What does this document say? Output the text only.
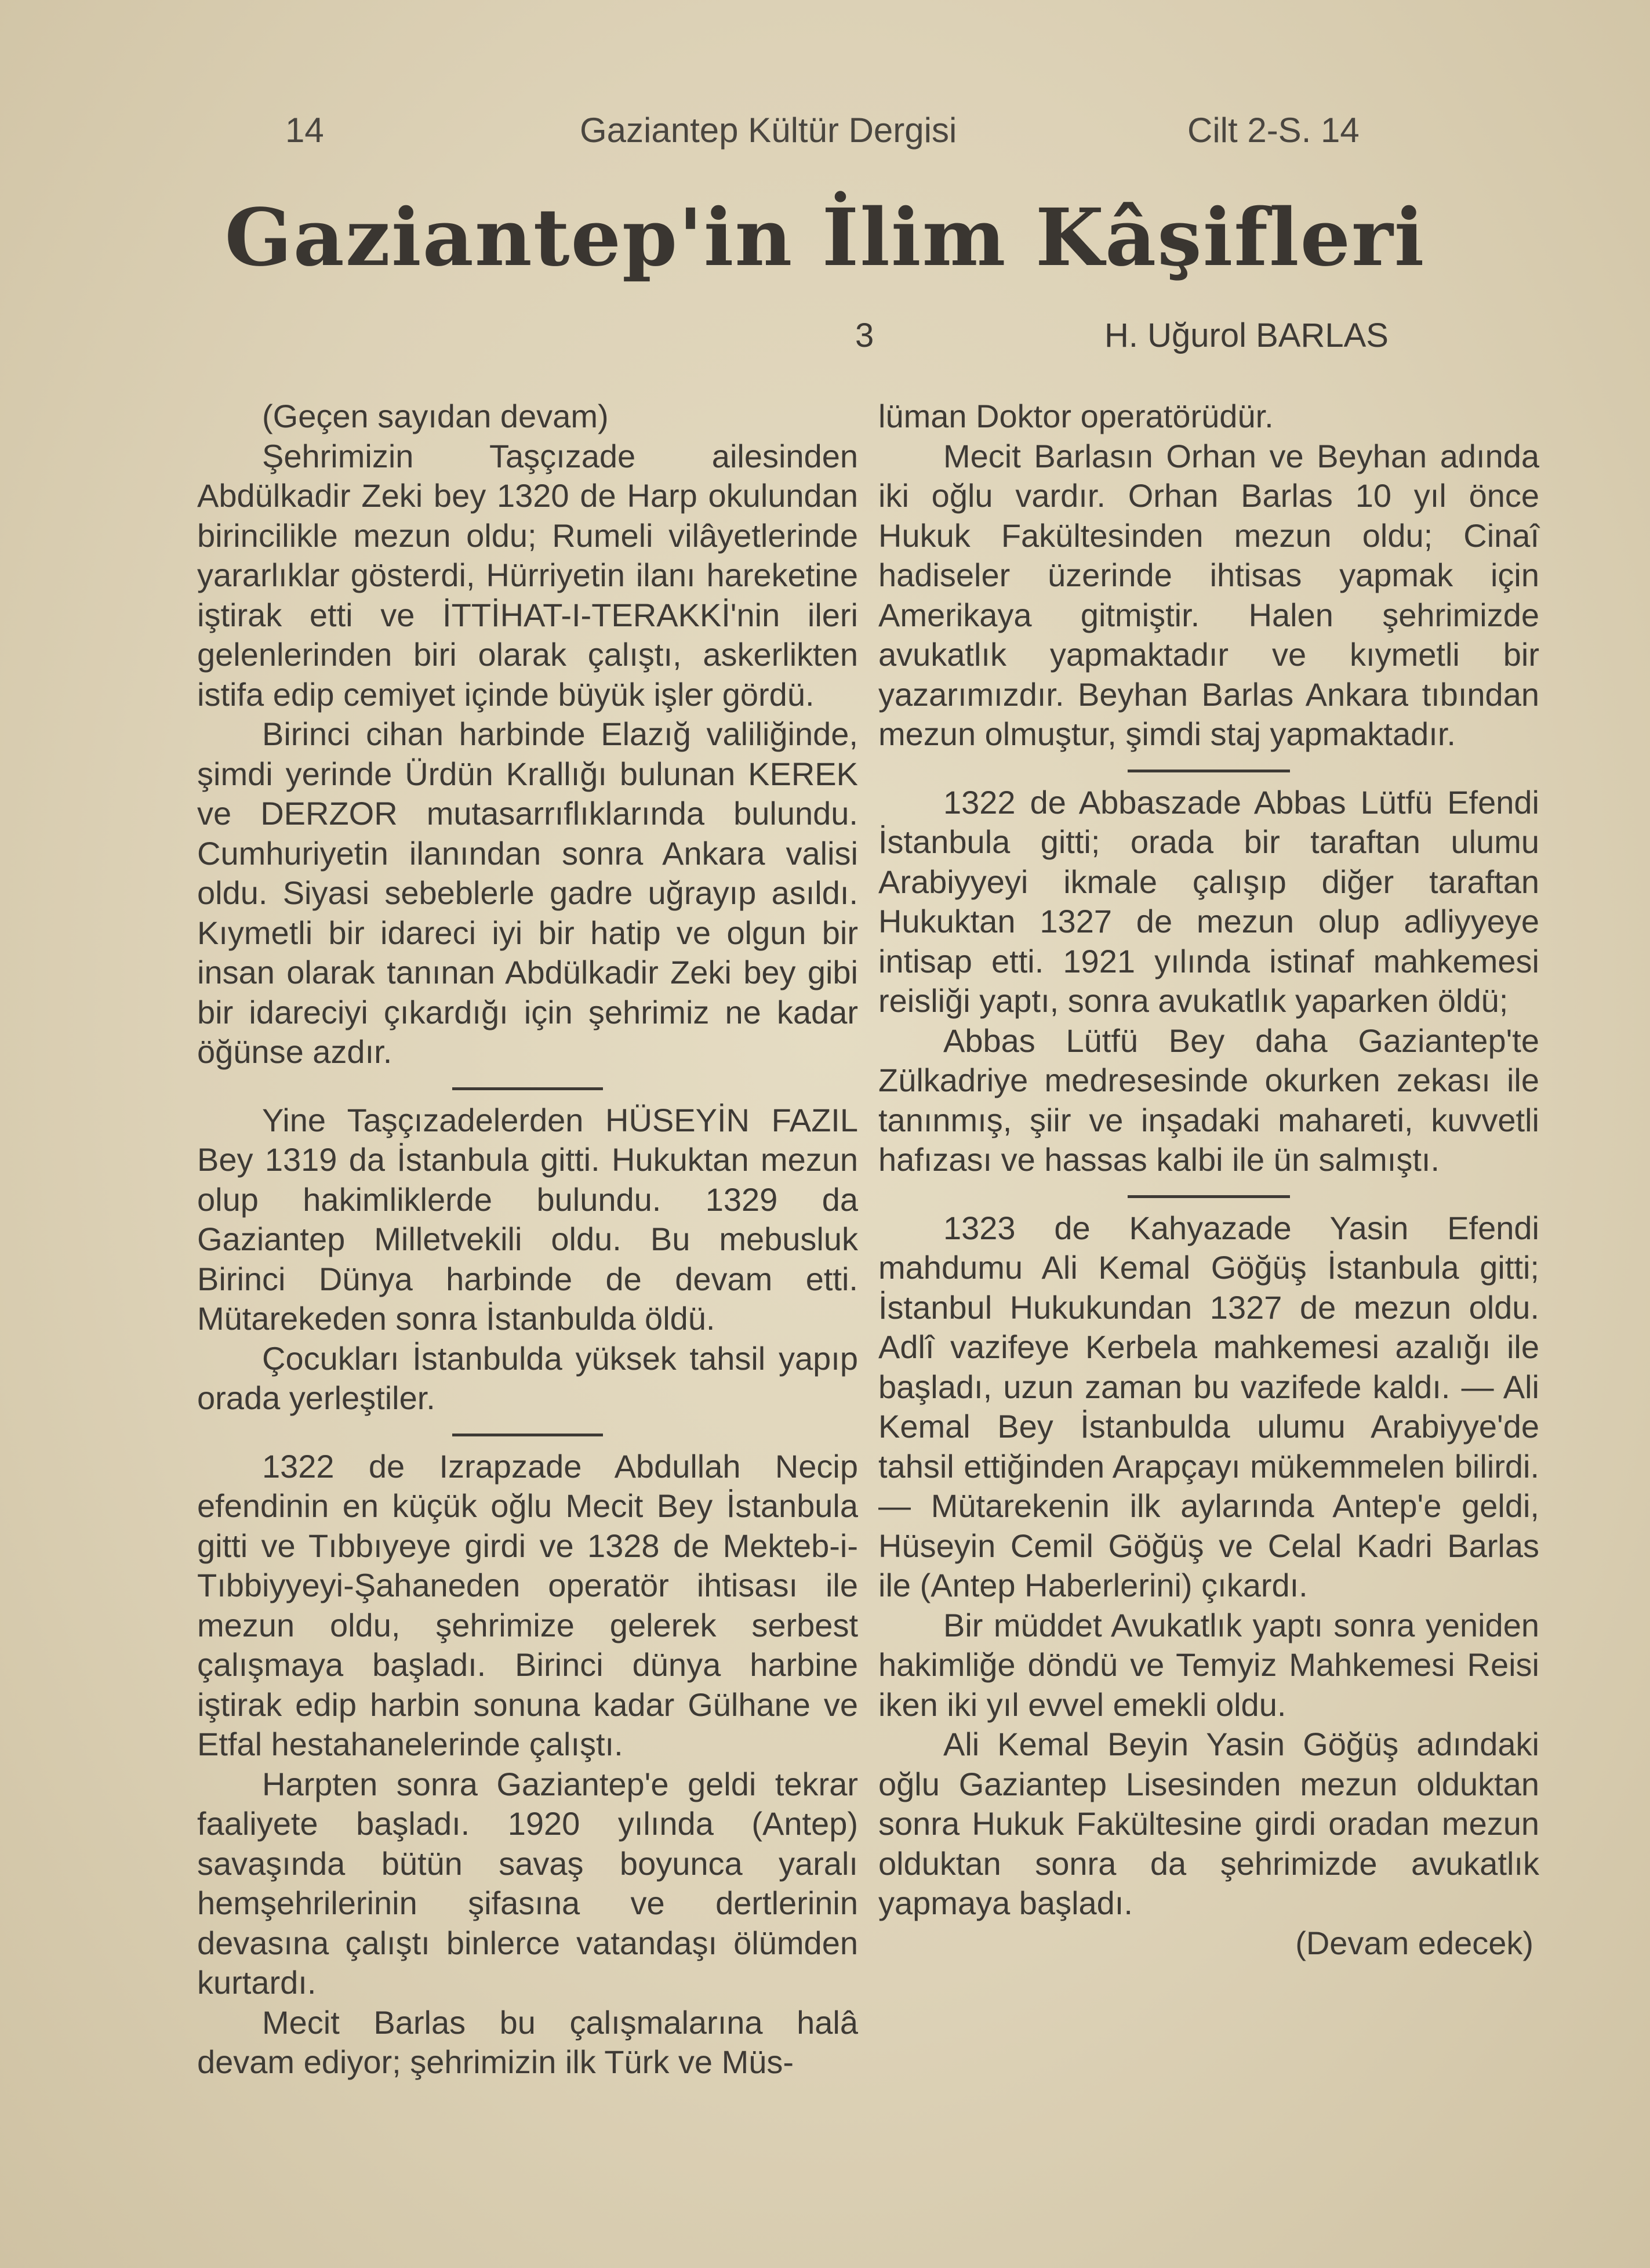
14	Gaziantep Kültür Dergisi	Cilt 2-S. 14
Gaziantep'in İlim Kâşifleri
3	H. Uğurol BARLAS

(Geçen sayıdan devam)

Şehrimizin Taşçızade ailesinden Abdülkadir Zeki bey 1320 de Harp okulundan birincilikle mezun oldu; Rumeli vilâyetlerinde yararlıklar gösterdi, Hürriyetin ilanı hareketine iştirak etti ve İTTİHAT-I-TERAKKİ'nin ileri gelenlerinden biri olarak çalıştı, askerlikten istifa edip cemiyet içinde büyük işler gördü.

Birinci cihan harbinde Elazığ valiliğinde, şimdi yerinde Ürdün Krallığı bulunan KEREK ve DERZOR mutasarrıflıklarında bulundu. Cumhuriyetin ilanından sonra Ankara valisi oldu. Siyasi sebeblerle gadre uğrayıp asıldı. Kıymetli bir idareci iyi bir hatip ve olgun bir insan olarak tanınan Abdülkadir Zeki bey gibi bir idareciyi çıkardığı için şehrimiz ne kadar öğünse azdır.

Yine Taşçızadelerden HÜSEYİN FAZIL Bey 1319 da İstanbula gitti. Hukuktan mezun olup hakimliklerde bulundu. 1329 da Gaziantep Milletvekili oldu. Bu mebusluk Birinci Dünya harbinde de devam etti. Mütarekeden sonra İstanbulda öldü.

Çocukları İstanbulda yüksek tahsil yapıp orada yerleştiler.

1322 de Izrapzade Abdullah Necip efendinin en küçük oğlu Mecit Bey İstanbula gitti ve Tıbbıyeye girdi ve 1328 de Mekteb-i-Tıbbiyyeyi-Şahaneden operatör ihtisası ile mezun oldu, şehrimize gelerek serbest çalışmaya başladı. Birinci dünya harbine iştirak edip harbin sonuna kadar Gülhane ve Etfal hestahanelerinde çalıştı.

Harpten sonra Gaziantep'e geldi tekrar faaliyete başladı. 1920 yılında (Antep) savaşında bütün savaş boyunca yaralı hemşehrilerinin şifasına ve dertlerinin devasına çalıştı binlerce vatandaşı ölümden kurtardı.

Mecit Barlas bu çalışmalarına halâ devam ediyor; şehrimizin ilk Türk ve Müs-

lüman Doktor operatörüdür.

Mecit Barlasın Orhan ve Beyhan adında iki oğlu vardır. Orhan Barlas 10 yıl önce Hukuk Fakültesinden mezun oldu; Cinaî hadiseler üzerinde ihtisas yapmak için Amerikaya gitmiştir. Halen şehrimizde avukatlık yapmaktadır ve kıymetli bir yazarımızdır. Beyhan Barlas Ankara tıbından mezun olmuştur, şimdi staj yapmaktadır.

1322 de Abbaszade Abbas Lütfü Efendi İstanbula gitti; orada bir taraftan ulumu Arabiyyeyi ikmale çalışıp diğer taraftan Hukuktan 1327 de mezun olup adliyyeye intisap etti. 1921 yılında istinaf mahkemesi reisliği yaptı, sonra avukatlık yaparken öldü;

Abbas Lütfü Bey daha Gaziantep'te Zülkadriye medresesinde okurken zekası ile tanınmış, şiir ve inşadaki mahareti, kuvvetli hafızası ve hassas kalbi ile ün salmıştı.

1323 de Kahyazade Yasin Efendi mahdumu Ali Kemal Göğüş İstanbula gitti; İstanbul Hukukundan 1327 de mezun oldu. Adlî vazifeye Kerbela mahkemesi azalığı ile başladı, uzun zaman bu vazifede kaldı. — Ali Kemal Bey İstanbulda ulumu Arabiyye'de tahsil ettiğinden Arapçayı mükemmelen bilirdi. — Mütarekenin ilk aylarında Antep'e geldi, Hüseyin Cemil Göğüş ve Celal Kadri Barlas ile (Antep Haberlerini) çıkardı.

Bir müddet Avukatlık yaptı sonra yeniden hakimliğe döndü ve Temyiz Mahkemesi Reisi iken iki yıl evvel emekli oldu.

Ali Kemal Beyin Yasin Göğüş adındaki oğlu Gaziantep Lisesinden mezun olduktan sonra Hukuk Fakültesine girdi oradan mezun olduktan sonra da şehrimizde avukatlık yapmaya başladı.

(Devam edecek)
